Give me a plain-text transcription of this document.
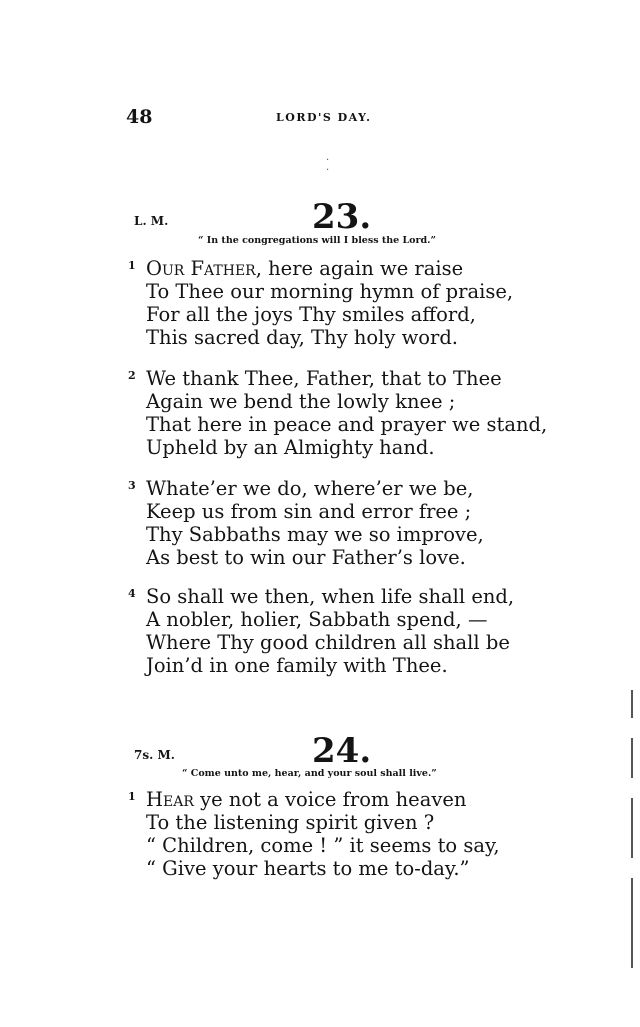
48	LORD'S DAY.
·
·
L. M.	23.
“ In the congregations will I bless the Lord.”
1 Our Father, here again we raise
To Thee our morning hymn of praise,
For all the joys Thy smiles afford,
This sacred day, Thy holy word.
2 We thank Thee, Father, that to Thee
Again we bend the lowly knee ;
That here in peace and prayer we stand,
Upheld by an Almighty hand.
3 Whate’er we do, where’er we be,
Keep us from sin and error free ;
Thy Sabbaths may we so improve,
As best to win our Father’s love.
4 So shall we then, when life shall end,
A nobler, holier, Sabbath spend, —
Where Thy good children all shall be
Join’d in one family with Thee.
7s. M.	24.
“ Come unto me, hear, and your soul shall live.”
1 Hear ye not a voice from heaven
To the listening spirit given ?
“ Children, come ! ” it seems to say,
“ Give your hearts to me to-day.”
